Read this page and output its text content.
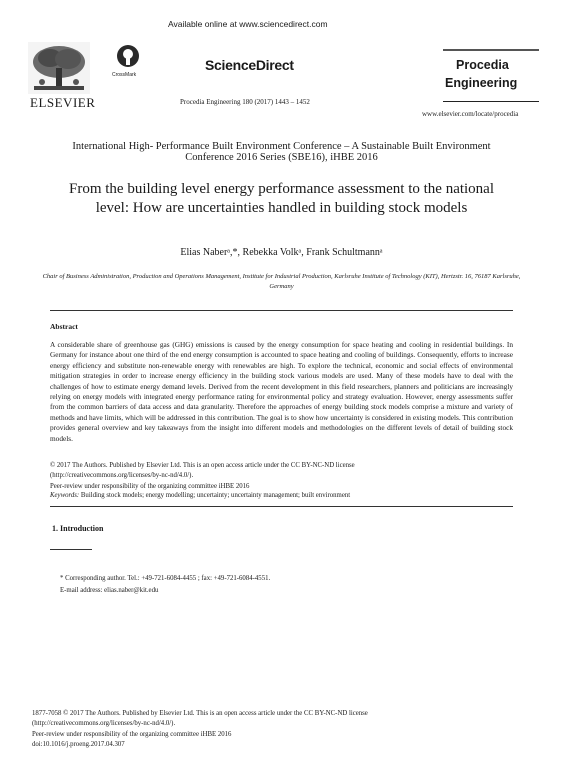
ELSEVIER
CrossMark
Available online at www.sciencedirect.com
ScienceDirect
Procedia Engineering 180 (2017) 1443 – 1452
Procedia
Engineering
www.elsevier.com/locate/procedia
International High- Performance Built Environment Conference – A Sustainable Built Environment Conference 2016 Series (SBE16), iHBE 2016
From the building level energy performance assessment to the national level: How are uncertainties handled in building stock models
Elias Naberᵃ,*, Rebekka Volkᵃ, Frank Schultmannᵃ
Chair of Business Administration, Production and Operations Management, Institute for Industrial Production, Karlsruhe Institute of Technology (KIT), Hertzstr. 16, 76187 Karlsruhe, Germany
Abstract
A considerable share of greenhouse gas (GHG) emissions is caused by the energy consumption for space heating and cooling in residential buildings. In Germany for instance about one third of the end energy consumption is accounted to space heating and cooling of buildings. Consequently, efforts to increase energy efficiency and substitute non-renewable energy with renewables are high. To explore the technical, economic and social effects of environmental mitigation strategies in order to increase energy efficiency in the building stock various models are used. Many of these models have to deal with the challenges of how to estimate energy demand levels. Derived from the recent development in this field researchers, planners and politicians are increasingly relying on energy models with integrated energy performance rating for environmental policy and strategy evaluation. However, energy assessments suffer from the common barriers of data access and data granularity. Therefore the approaches of energy building stock models comprise a mixture and variety of methods and have limits, which will be addressed in this contribution. The goal is to show how uncertainty is considered in existing models. This contribution provides general overview and key takeaways from the insight into different models and methodologies on the different levels of detail of building stock models.
© 2017 The Authors. Published by Elsevier Ltd. This is an open access article under the CC BY-NC-ND license
(http://creativecommons.org/licenses/by-nc-nd/4.0/).
Peer-review under responsibility of the organizing committee iHBE 2016
Keywords: Building stock models; energy modelling; uncertainty; uncertainty management; built environment
1. Introduction
* Corresponding author. Tel.: +49-721-6084-4455 ; fax: +49-721-6084-4551.
E-mail address: elias.naber@kit.edu
1877-7058 © 2017 The Authors. Published by Elsevier Ltd. This is an open access article under the CC BY-NC-ND license
(http://creativecommons.org/licenses/by-nc-nd/4.0/).
Peer-review under responsibility of the organizing committee iHBE 2016
doi:10.1016/j.proeng.2017.04.307
